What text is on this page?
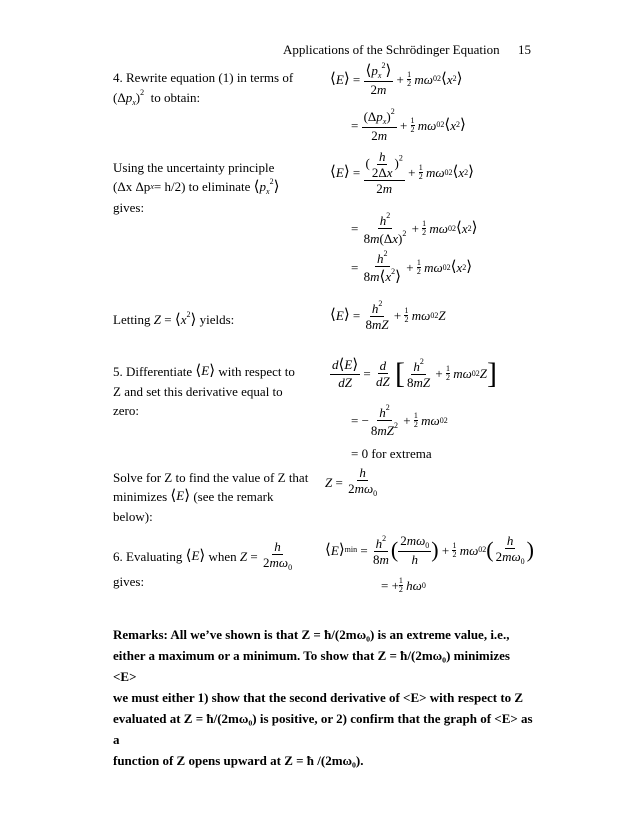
Applications of the Schrödinger Equation 15
4. Rewrite equation (1) in terms of
$(\Delta p_x)^2$
to obtain:
⟨ E ⟩ = $\frac{⟨p_x^2⟩}{2m} + 1$
2
mω 0 2 ⟨ x 2 ⟩
= $\frac{(\Delta p_x)^2}{2m} + 1$
2
mω 0 2 ⟨ x 2 ⟩
Using the uncertainty principle
(Δx Δp x = h/2) to eliminate
$⟨p_x^2⟩$
gives:
⟨ E ⟩ = $\frac{( \frac{h}{2\Delta x} )^2}{2m} + 1$
2
mω 0 2 ⟨ x 2 ⟩
= $\frac{h^2}{8m(\Delta x)^2} + 1$
2
mω 0 2 ⟨ x 2 ⟩
= $\frac{h^2}{8m⟨x^2⟩} + 1$
2
mω 0 2 ⟨ x 2 ⟩
Letting
$Z = ⟨x^2⟩$
yields:	⟨ E ⟩ = $\frac{h^2}{8mZ} + 1$
2
mω 0 2 Z
5. Differentiate
⟨E⟩
with respect to
Z and set this derivative equal to
zero:
$\frac{d⟨E⟩}{dZ} = \frac{d}{dZ}$
[ $\frac{h^2}{8mZ} + 1$
2
mω 0 2 Z ]
= − $\frac{h^2}{8mZ^2} + 1$
2
mω 0 2
= 0 for extrema
Solve for Z to find the value of Z that
minimizes
⟨E⟩
(see the remark
below):
$Z = \frac{h}{2m\omega_0}$
6. Evaluating
⟨E⟩
when
$Z = \frac{h}{2m\omega_0}$
gives:
⟨ E ⟩ $\min = \frac{h^2}{8m}$ ( $\frac{2m\omega_0}{h}$ ) + 1
2
mω 0 2 ( $\frac{h}{2m\omega_0}$ )
= + 1
2
hω 0
Remarks: All we’ve shown is that Z = ħ/(2mω₀) is an extreme value, i.e.,
either a maximum or a minimum. To show that Z = ħ/(2mω₀) minimizes <E>
we must either 1) show that the second derivative of <E> with respect to Z
evaluated at Z = ħ/(2mω₀) is positive, or 2) confirm that the graph of <E> as a
function of Z opens upward at Z = ħ /(2mω₀).
